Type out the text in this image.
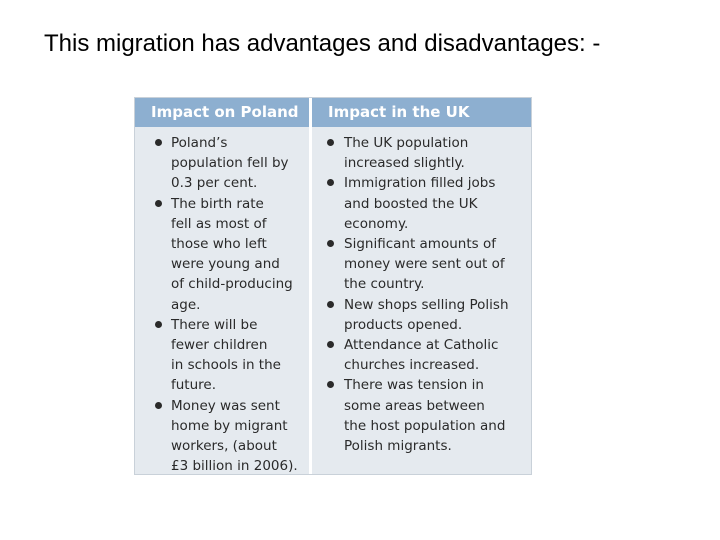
This migration has advantages and disadvantages: -
Impact on Poland	Impact in the UK
Poland’s
population fell by
0.3 per cent.
The birth rate
fell as most of
those who left
were young and
of child-producing
age.
There will be
fewer children
in schools in the
future.
Money was sent
home by migrant
workers, (about
£3 billion in 2006).
The UK population
increased slightly.
Immigration filled jobs
and boosted the UK
economy.
Significant amounts of
money were sent out of
the country.
New shops selling Polish
products opened.
Attendance at Catholic
churches increased.
There was tension in
some areas between
the host population and
Polish migrants.
